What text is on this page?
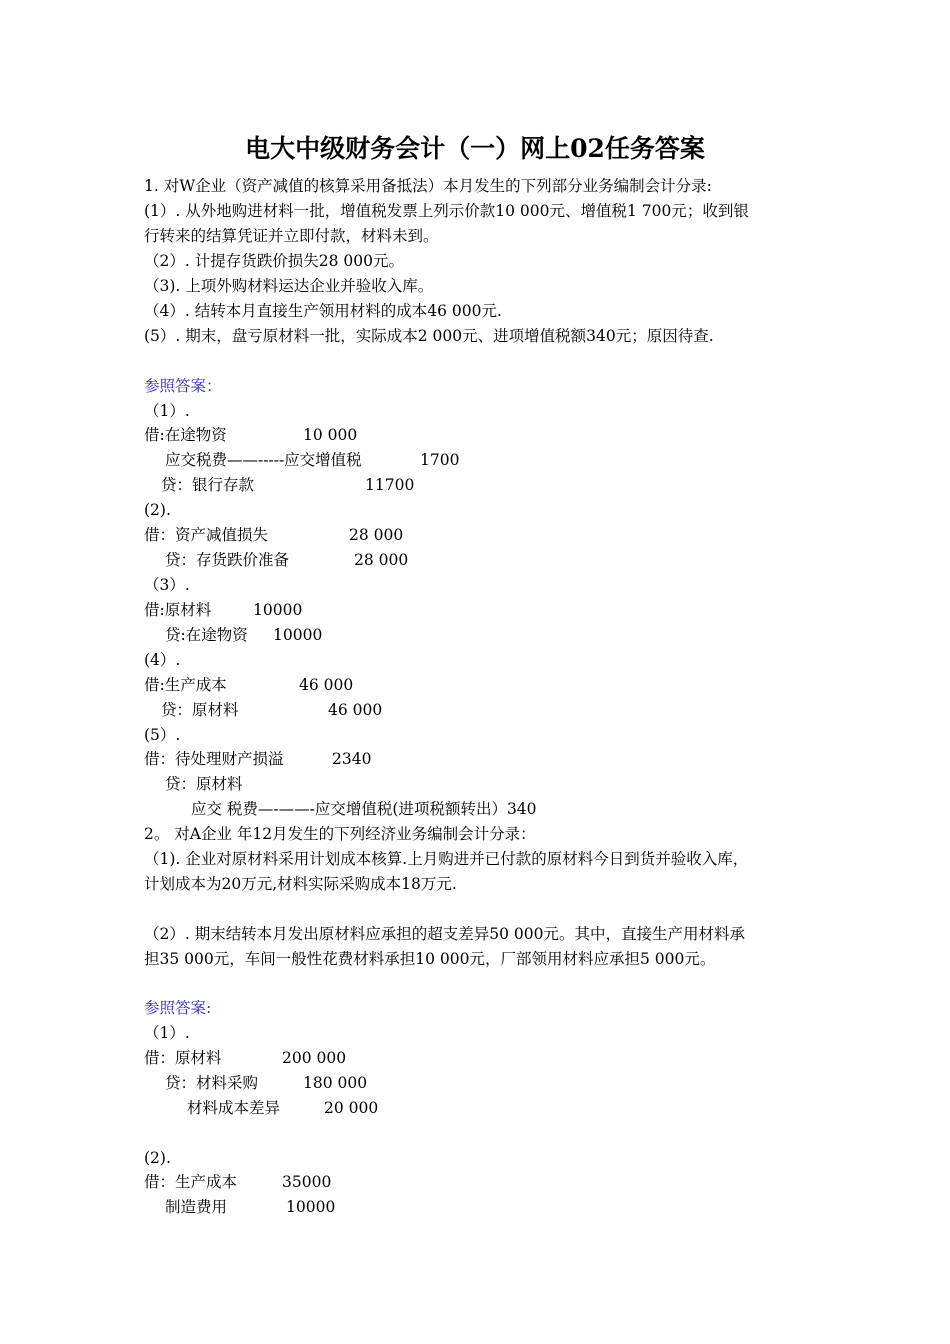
电大中级财务会计（一）网上02任务答案
1. 对W企业（资产减值的核算采用备抵法）本月发生的下列部分业务编制会计分录:
(1）. 从外地购进材料一批，增值税发票上列示价款10 000元、增值税1 700元；收到银
行转来的结算凭证并立即付款，材料未到。
（2）. 计提存货跌价损失28 000元。
（3). 上项外购材料运达企业并验收入库。
（4）. 结转本月直接生产领用材料的成本46 000元.
(5）. 期末，盘亏原材料一批，实际成本2 000元、进项增值税额340元；原因待查.
参照答案：
（1）.
借:在途物资	10 000
应交税费——-----应交增值税	1700
贷：银行存款	11700
(2).
借：资产减值损失	28 000
贷：存货跌价准备	28 000
（3）.
借:原材料	10000
贷:在途物资 10000
(4）.
借:生产成本	46 000
贷：原材料	46 000
(5）.
借：待处理财产损溢	2340
贷：原材料
应交 税费—-——-应交增值税(进项税额转出）340
2。 对A企业 年12月发生的下列经济业务编制会计分录：
（1). 企业对原材料采用计划成本核算.上月购进并已付款的原材料今日到货并验收入库，
计划成本为20万元,材料实际采购成本18万元.
（2）. 期末结转本月发出原材料应承担的超支差异50 000元。其中，直接生产用材料承
担35 000元，车间一般性花费材料承担10 000元，厂部领用材料应承担5 000元。
参照答案:
（1）.
借：原材料	200 000
贷：材料采购	180 000
材料成本差异	20 000
(2).
借：生产成本	35000
制造费用	10000
